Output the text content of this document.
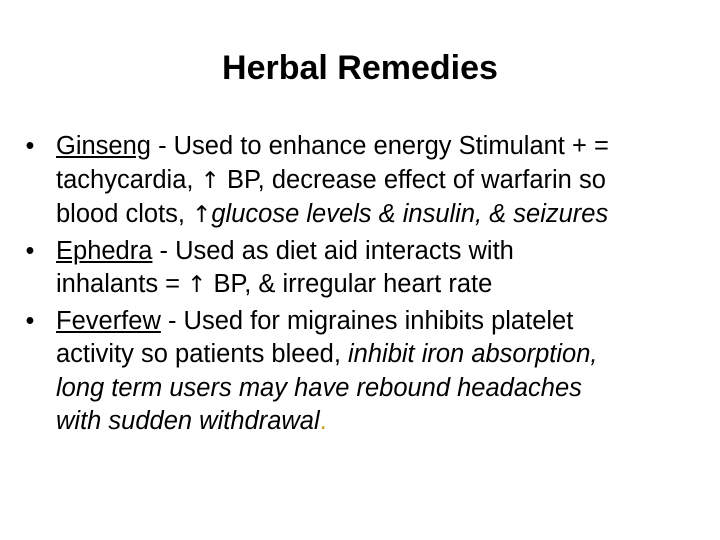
Herbal Remedies
• Ginseng - Used to enhance energy Stimulant + =
tachycardia, ↑ BP, decrease effect of warfarin so
blood clots, ↑glucose levels & insulin, & seizures
• Ephedra - Used as diet aid interacts with
inhalants = ↑ BP, & irregular heart rate
• Feverfew - Used for migraines inhibits platelet
activity so patients bleed, inhibit iron absorption,
long term users may have rebound headaches
with sudden withdrawal.
